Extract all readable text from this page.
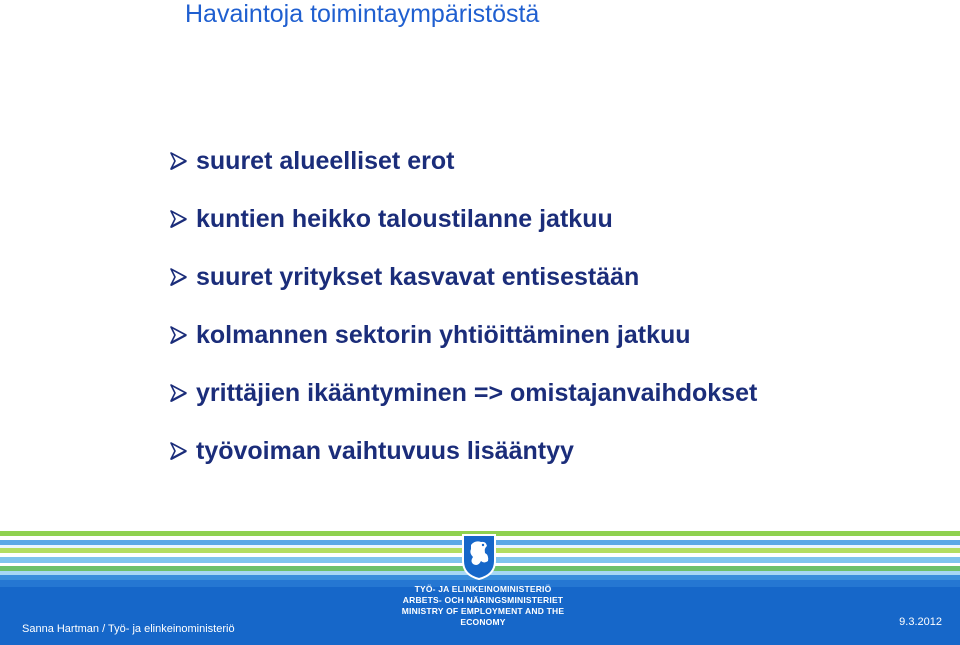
Havaintoja toimintaympäristöstä
suuret alueelliset erot
kuntien heikko taloustilanne jatkuu
suuret yritykset kasvavat entisestään
kolmannen sektorin yhtiöittäminen jatkuu
yrittäjien ikääntyminen => omistajanvaihdokset
työvoiman vaihtuvuus lisääntyy
TYÖ- JA ELINKEINOMINISTERIÖ
ARBETS- OCH NÄRINGSMINISTERIET
MINISTRY OF EMPLOYMENT AND THE ECONOMY
Sanna Hartman / Työ- ja elinkeinoministeriö
9.3.2012
